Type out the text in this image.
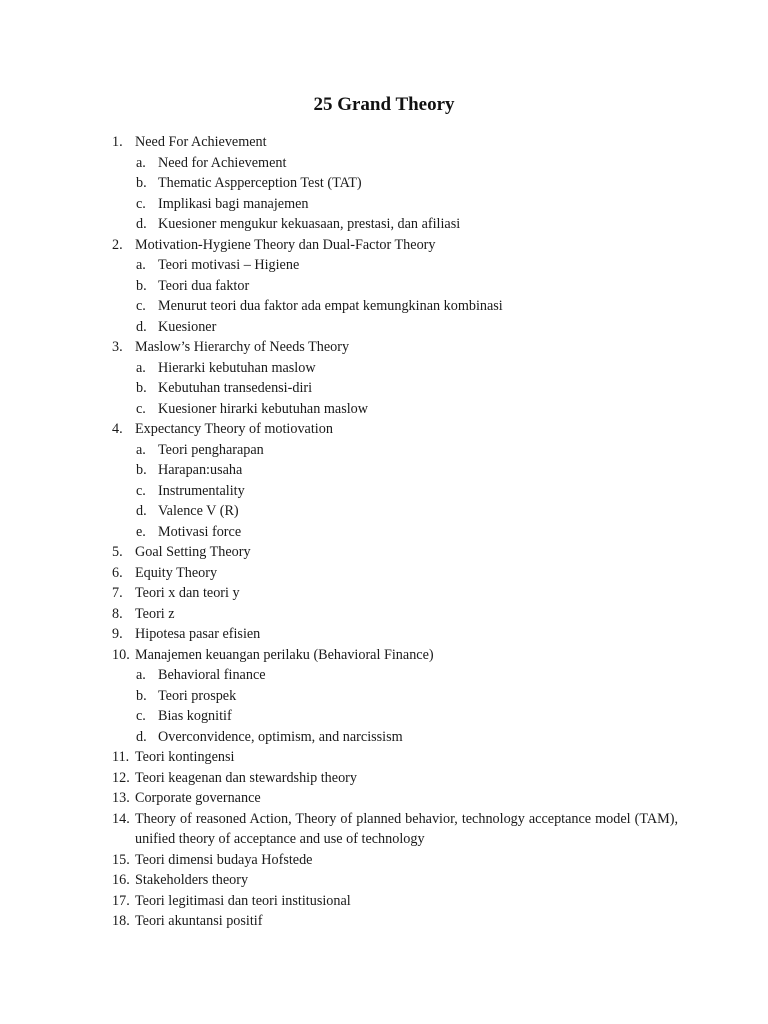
25 Grand Theory
1. Need For Achievement
a. Need for Achievement
b. Thematic Aspperception Test (TAT)
c. Implikasi bagi manajemen
d. Kuesioner mengukur kekuasaan, prestasi, dan afiliasi
2. Motivation-Hygiene Theory dan Dual-Factor Theory
a. Teori motivasi – Higiene
b. Teori dua faktor
c. Menurut teori dua faktor ada empat kemungkinan kombinasi
d. Kuesioner
3. Maslow’s Hierarchy of Needs Theory
a. Hierarki kebutuhan maslow
b. Kebutuhan transedensi-diri
c. Kuesioner hirarki kebutuhan maslow
4. Expectancy Theory of motiovation
a. Teori pengharapan
b. Harapan:usaha
c. Instrumentality
d. Valence V (R)
e. Motivasi force
5. Goal Setting Theory
6. Equity Theory
7. Teori x dan teori y
8. Teori z
9. Hipotesa pasar efisien
10. Manajemen keuangan perilaku (Behavioral Finance)
a. Behavioral finance
b. Teori prospek
c. Bias kognitif
d. Overconvidence, optimism, and narcissism
11. Teori kontingensi
12. Teori keagenan dan stewardship theory
13. Corporate governance
14. Theory of reasoned Action, Theory of planned behavior, technology acceptance model (TAM), unified theory of acceptance and use of technology
15. Teori dimensi budaya Hofstede
16. Stakeholders theory
17. Teori legitimasi dan teori institusional
18. Teori akuntansi positif
